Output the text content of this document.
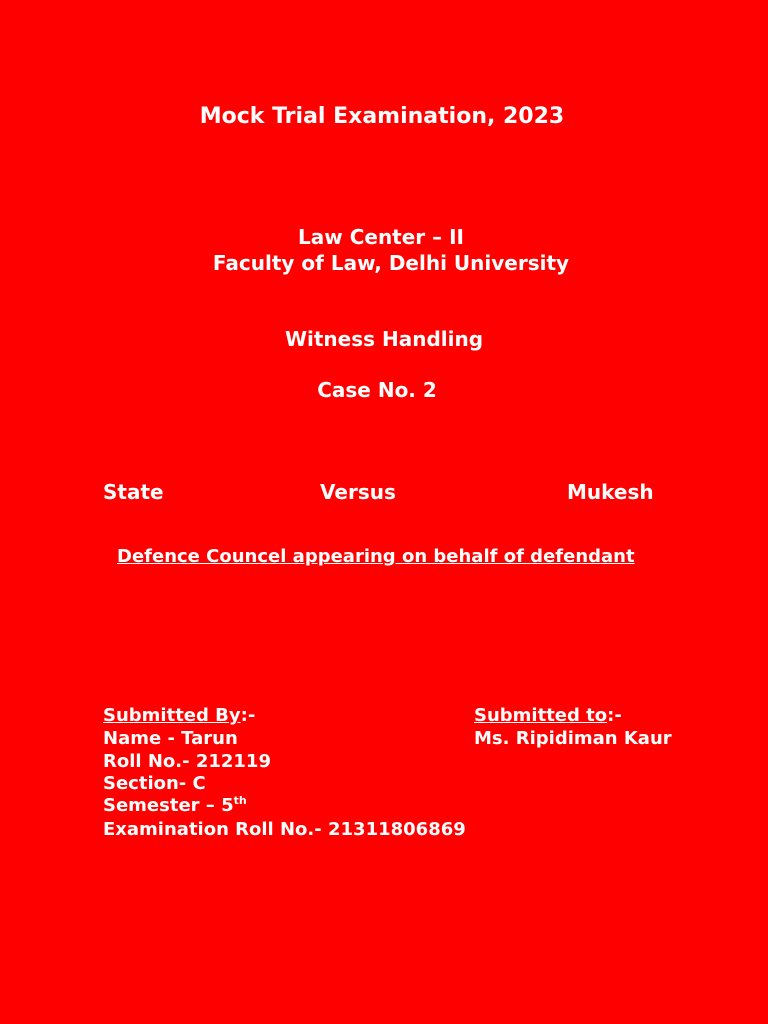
Mock Trial Examination, 2023
Law Center – II
Faculty of Law, Delhi University
Witness Handling
Case No. 2
State	Versus	Mukesh
Defence Councel appearing on behalf of defendant
Submitted By:-
Name - Tarun
Roll No.- 212119
Section- C
Semester – 5th
Examination Roll No.- 21311806869
Submitted to:-
Ms. Ripidiman Kaur
